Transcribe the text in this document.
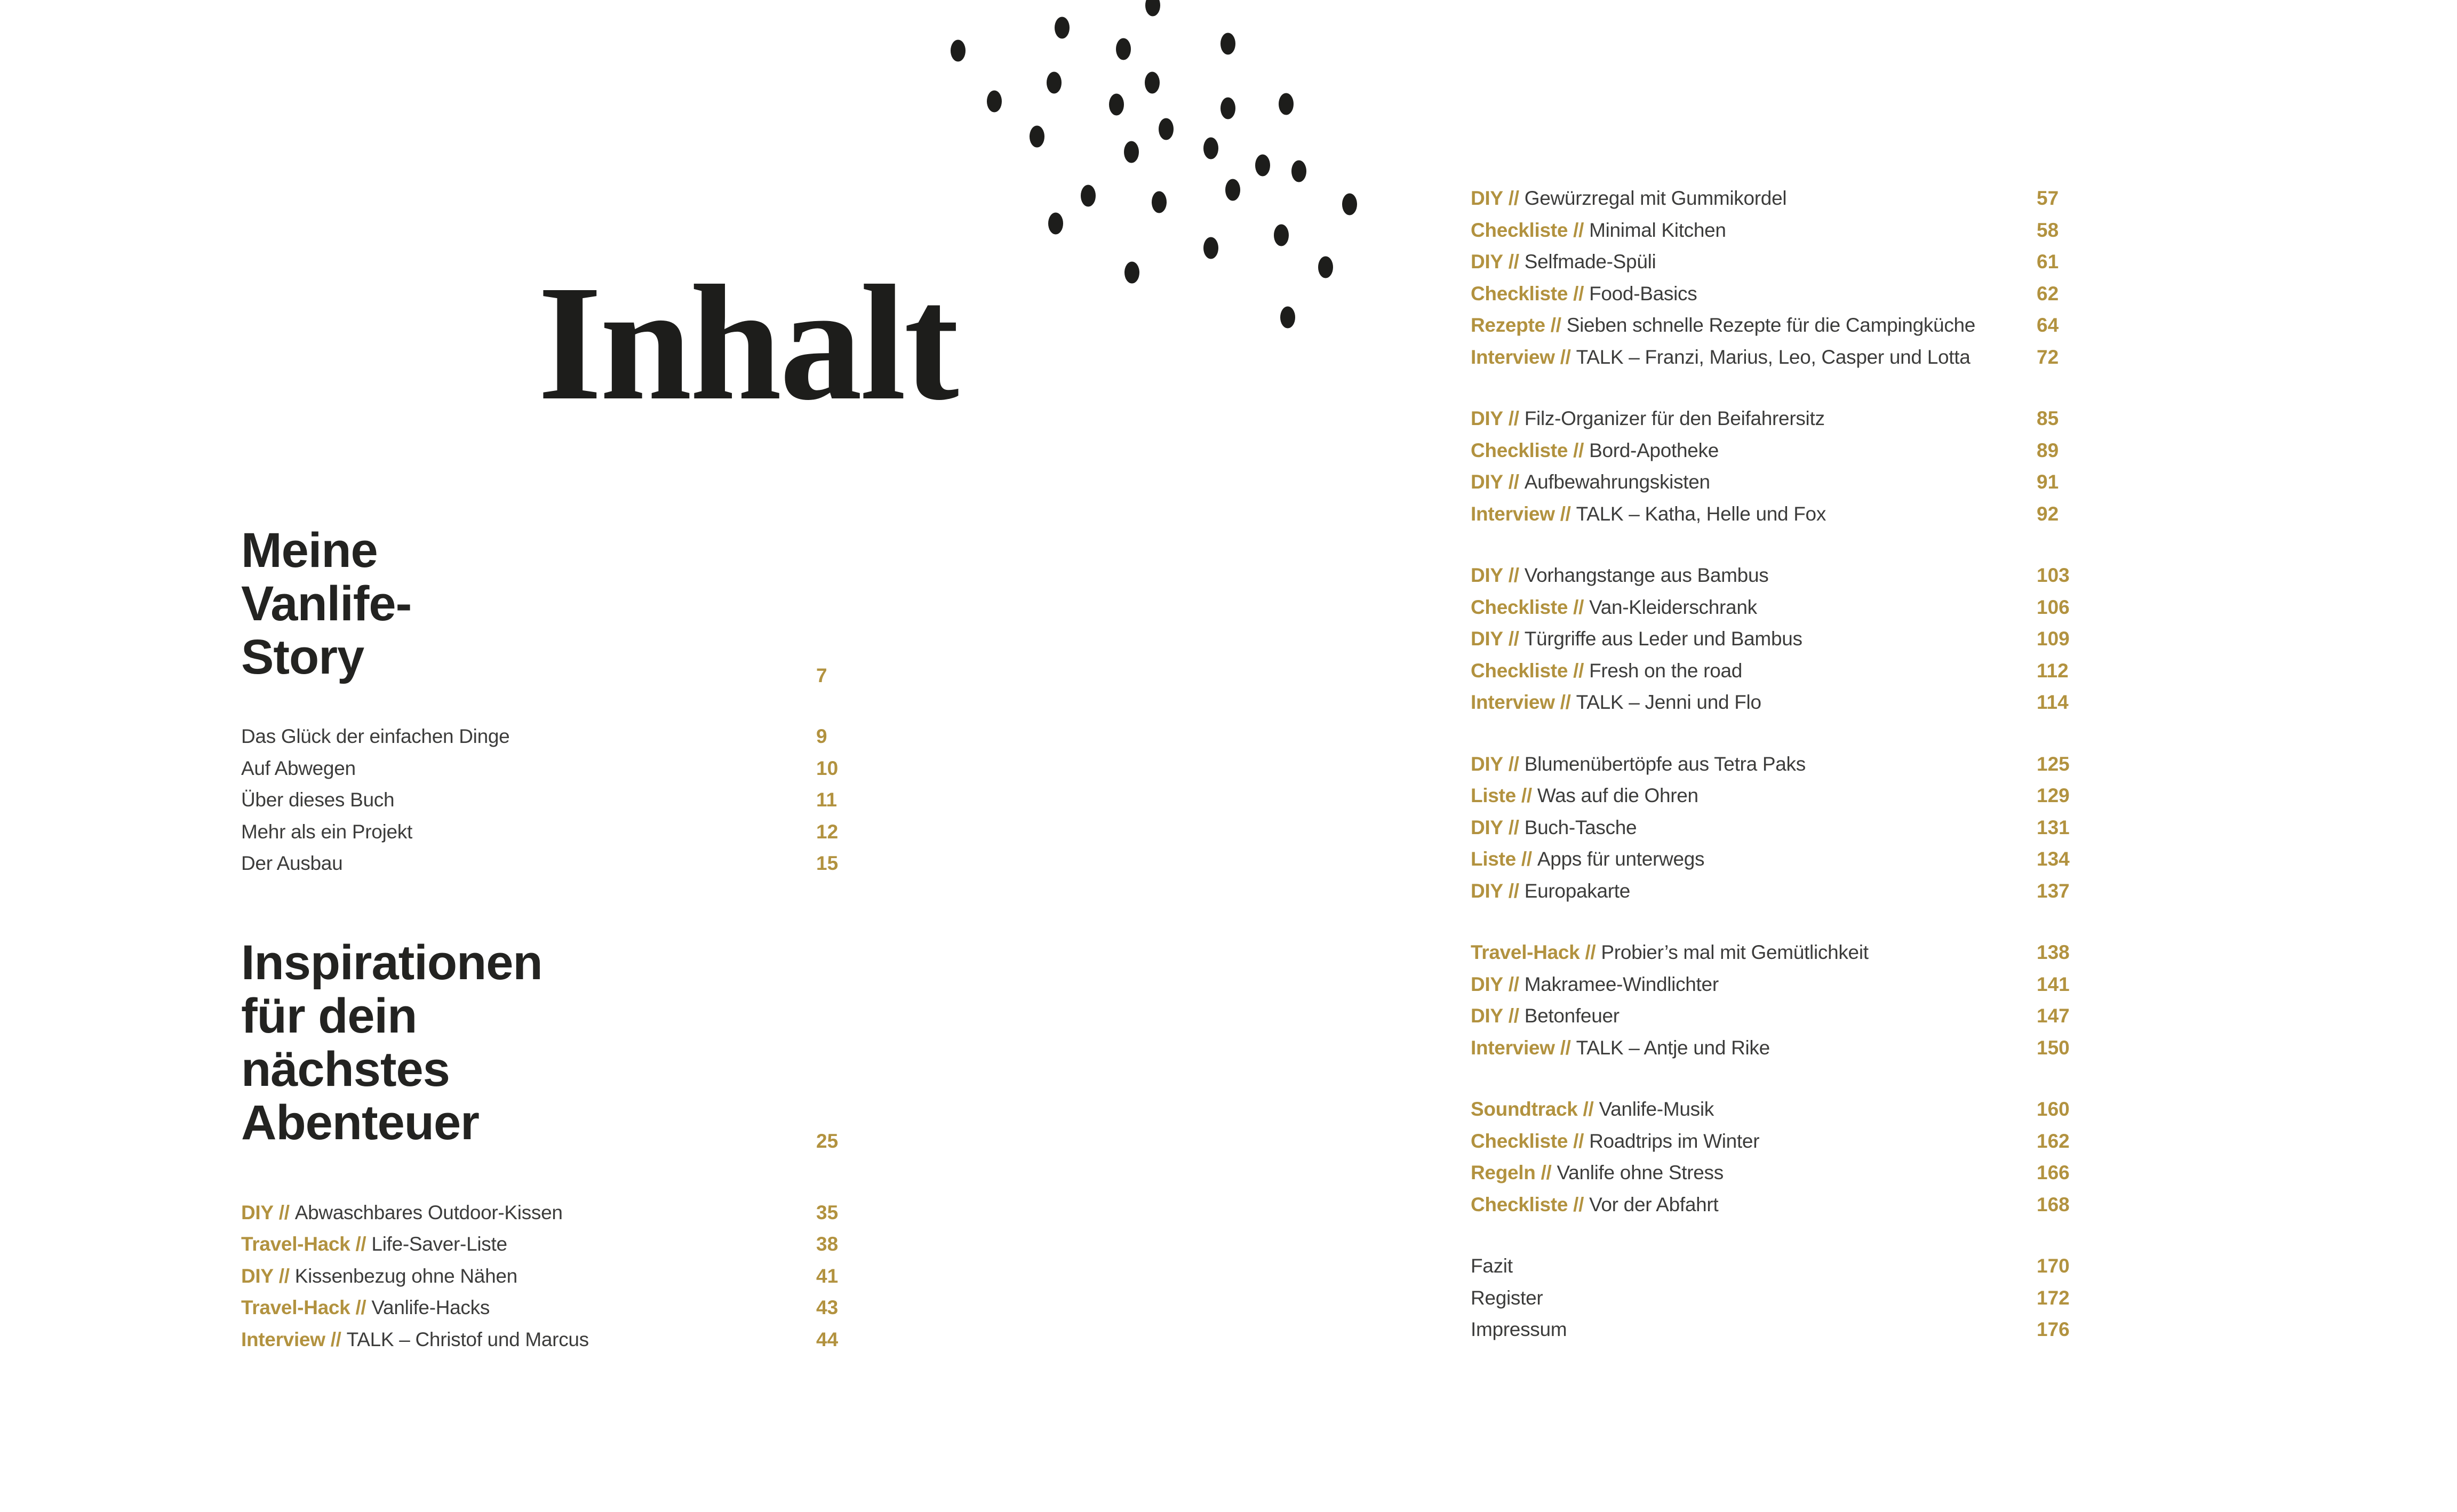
Inhalt
Meine
Vanlife-
Story	7
Das Glück der einfachen Dinge	9
Auf Abwegen	10
Über dieses Buch	11
Mehr als ein Projekt	12
Der Ausbau	15
Inspirationen
für dein
nächstes
Abenteuer	25
DIY // Abwaschbares Outdoor-Kissen	35
Travel-Hack // Life-Saver-Liste	38
DIY // Kissenbezug ohne Nähen	41
Travel-Hack // Vanlife-Hacks	43
Interview // TALK – Christof und Marcus	44
DIY // Gewürzregal mit Gummikordel	57
Checkliste // Minimal Kitchen	58
DIY // Selfmade-Spüli	61
Checkliste // Food-Basics	62
Rezepte // Sieben schnelle Rezepte für die Campingküche	64
Interview // TALK – Franzi, Marius, Leo, Casper und Lotta	72
DIY // Filz-Organizer für den Beifahrersitz	85
Checkliste // Bord-Apotheke	89
DIY // Aufbewahrungskisten	91
Interview // TALK – Katha, Helle und Fox	92
DIY // Vorhangstange aus Bambus	103
Checkliste // Van-Kleiderschrank	106
DIY // Türgriffe aus Leder und Bambus	109
Checkliste // Fresh on the road	112
Interview // TALK – Jenni und Flo	114
DIY // Blumenübertöpfe aus Tetra Paks	125
Liste // Was auf die Ohren	129
DIY // Buch-Tasche	131
Liste // Apps für unterwegs	134
DIY // Europakarte	137
Travel-Hack // Probier’s mal mit Gemütlichkeit	138
DIY // Makramee-Windlichter	141
DIY // Betonfeuer	147
Interview // TALK – Antje und Rike	150
Soundtrack // Vanlife-Musik	160
Checkliste // Roadtrips im Winter	162
Regeln // Vanlife ohne Stress	166
Checkliste // Vor der Abfahrt	168
Fazit	170
Register	172
Impressum	176
